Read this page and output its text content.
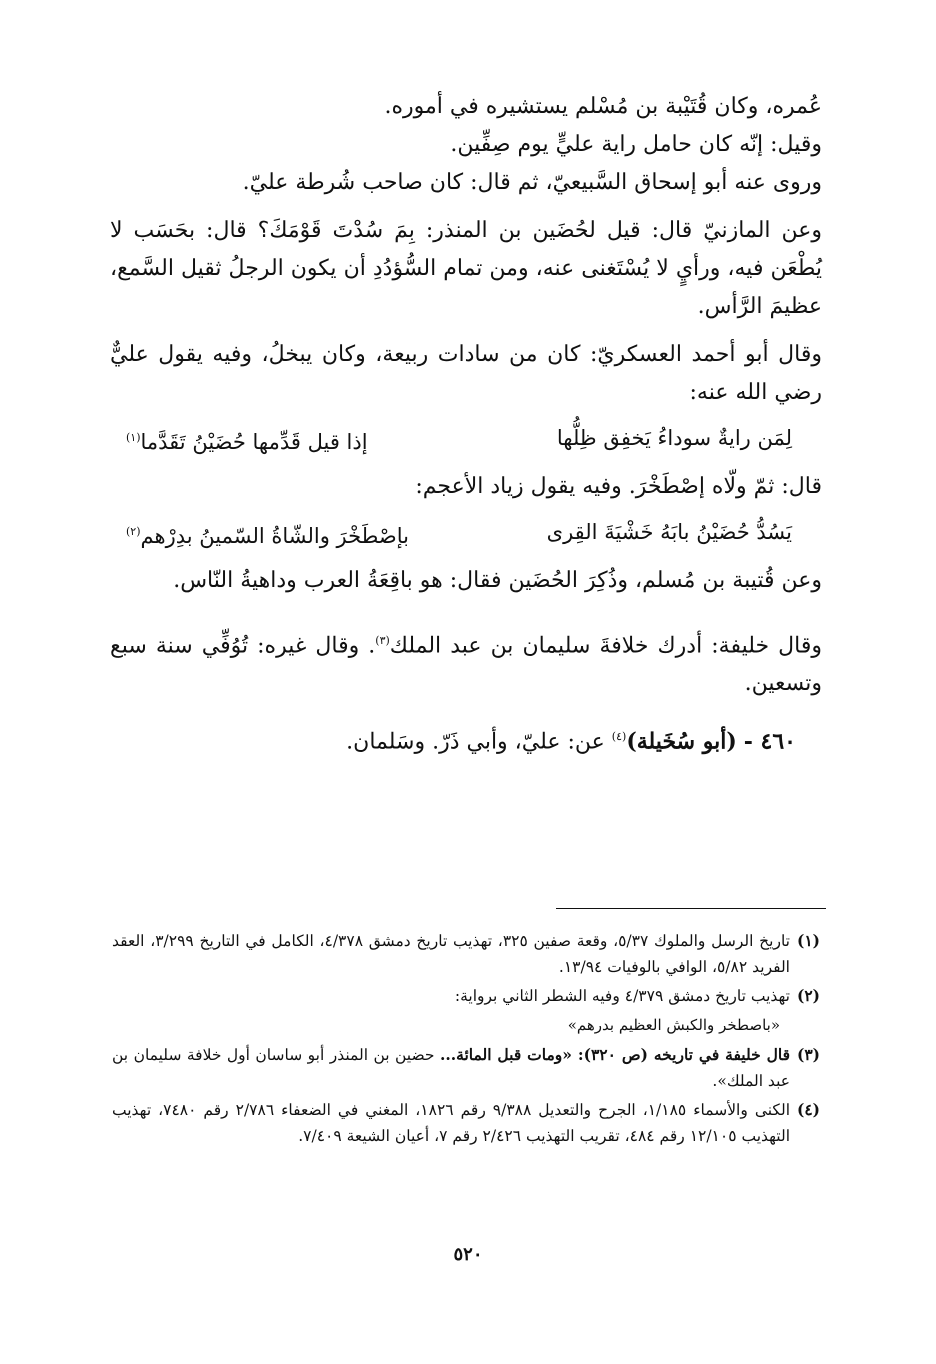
عُمره، وكان قُتَيْبة بن مُسْلم يستشيره في أموره.

وقيل: إنّه كان حامل راية عليٍّ يوم صِفِّين.

وروى عنه أبو إسحاق السَّبيعيّ، ثم قال: كان صاحب شُرطة عليّ.

وعن المازنيّ قال: قيل لحُضَين بن المنذر: بِمَ سُدْتَ قَوْمَكَ؟ قال: بحَسَب لا يُطْعَن فيه، ورأيٍ لا يُسْتَغنى عنه، ومن تمام السُّؤدُدِ أن يكون الرجلُ ثقيل السَّمع، عظيمَ الرَّأس.

وقال أبو أحمد العسكريّ: كان من سادات ربيعة، وكان يبخلُ، وفيه يقول عليٌّ رضي الله عنه:

لِمَن رايةٌ سوداءُ يَخفِق ظِلُّها
إذا قيل قَدِّمها حُضَيْنُ تَقَدَّما$^{(١)}$

قال: ثمّ ولّاه إصْطَخْرَ. وفيه يقول زياد الأعجم:

يَسُدُّ حُضَيْنُ بابَهُ خَشْيَةَ القِرى
بإصْطَخْرَ والشّاةُ السّمينُ بدِرْهم$^{(٢)}$

وعن قُتيبة بن مُسلم، وذُكِرَ الحُضَين فقال: هو باقِعَةُ العرب وداهيةُ النّاس.

وقال خليفة: أدرك خلافةَ سليمان بن عبد الملك$^{(٣)}$. وقال غيره: تُوُفِّي سنة سبع وتسعين.

٤٦٠ - (أبو سُخَيلة)$^{(٤)}$ عن: عليّ، وأبي ذَرّ. وسَلمان.
(١)
تاريخ الرسل والملوك ٥/٣٧، وقعة صفين ٣٢٥، تهذيب تاريخ دمشق ٤/٣٧٨، الكامل في التاريخ ٣/٢٩٩، العقد الفريد ٥/٨٢، الوافي بالوفيات ١٣/٩٤.
(٢)
تهذيب تاريخ دمشق ٤/٣٧٩ وفيه الشطر الثاني برواية:
«باصطخر والكبش العظيم بدرهم»
(٣)
قال خليفة في تاريخه (ص ٣٢٠): «ومات قبل المائة... حضين بن المنذر أبو ساسان أول خلافة سليمان بن عبد الملك».
(٤)
الكنى والأسماء ١/١٨٥، الجرح والتعديل ٩/٣٨٨ رقم ١٨٢٦، المغني في الضعفاء ٢/٧٨٦ رقم ٧٤٨٠، تهذيب التهذيب ١٢/١٠٥ رقم ٤٨٤، تقريب التهذيب ٢/٤٢٦ رقم ٧، أعيان الشيعة ٧/٤٠٩.
٥٢٠
